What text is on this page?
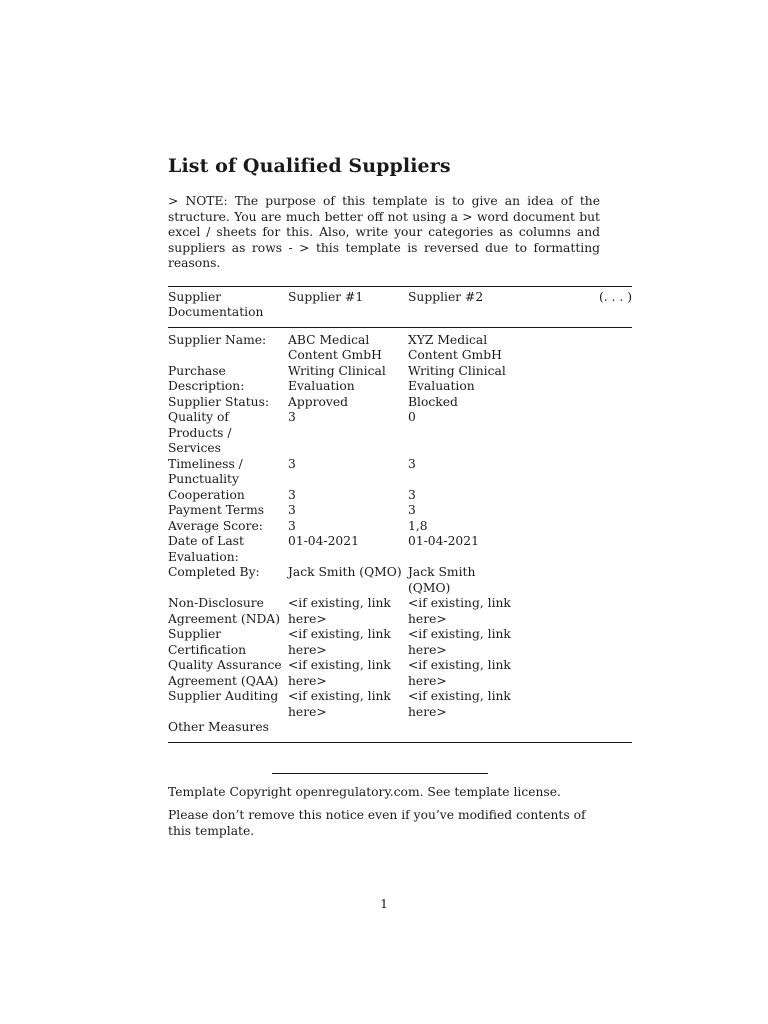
List of Qualified Suppliers

> NOTE: The purpose of this template is to give an idea of the structure. You are much better off not using a > word document but excel / sheets for this. Also, write your categories as columns and suppliers as rows - > this template is reversed due to formatting reasons.

Supplier Documentation	Supplier #1	Supplier #2	(. . . )

Supplier Name:	ABC Medical Content GmbH	XYZ Medical Content GmbH	

Purchase Description:	Writing Clinical Evaluation	Writing Clinical Evaluation	

Supplier Status:	Approved	Blocked	

Quality of Products / Services	3	0	

Timeliness / Punctuality	3	3	

Cooperation	3	3	

Payment Terms	3	3	

Average Score:	3	1,8	

Date of Last Evaluation:	01-04-2021	01-04-2021	

Completed By:	Jack Smith (QMO)	Jack Smith (QMO)	

Non-Disclosure Agreement (NDA)	<if existing, link here>	<if existing, link here>	

Supplier Certification	<if existing, link here>	<if existing, link here>	

Quality Assurance Agreement (QAA)	<if existing, link here>	<if existing, link here>	

Supplier Auditing	<if existing, link here>	<if existing, link here>	

Other Measures			

Template Copyright openregulatory.com. See template license.

Please don’t remove this notice even if you’ve modified contents of this template.

1
